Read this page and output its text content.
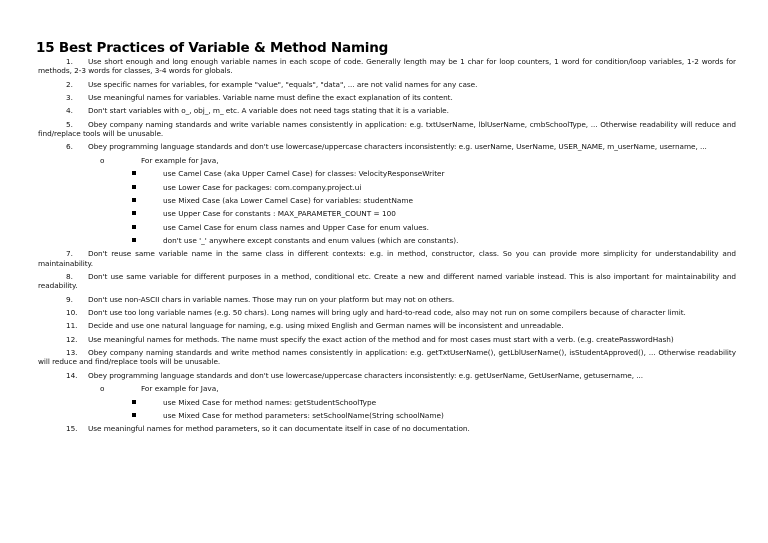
15 Best Practices of Variable & Method Naming
1. Use short enough and long enough variable names in each scope of code. Generally length may be 1 char for loop counters, 1 word for condition/loop variables, 1-2 words for methods, 2-3 words for classes, 3-4 words for globals.
2. Use specific names for variables, for example "value", "equals", "data", ... are not valid names for any case.
3. Use meaningful names for variables. Variable name must define the exact explanation of its content.
4. Don't start variables with o_, obj_, m_ etc. A variable does not need tags stating that it is a variable.
5. Obey company naming standards and write variable names consistently in application: e.g. txtUserName, lblUserName, cmbSchoolType, ... Otherwise readability will reduce and find/replace tools will be unusable.
6. Obey programming language standards and don't use lowercase/uppercase characters inconsistently: e.g. userName, UserName, USER_NAME, m_userName, username, ...
o	For example for Java,
use Camel Case (aka Upper Camel Case) for classes: VelocityResponseWriter
use Lower Case for packages: com.company.project.ui
use Mixed Case (aka Lower Camel Case) for variables: studentName
use Upper Case for constants : MAX_PARAMETER_COUNT = 100
use Camel Case for enum class names and Upper Case for enum values.
don't use '_' anywhere except constants and enum values (which are constants).
7. Don't reuse same variable name in the same class in different contexts: e.g. in method, constructor, class. So you can provide more simplicity for understandability and maintainability.
8. Don't use same variable for different purposes in a method, conditional etc. Create a new and different named variable instead. This is also important for maintainability and readability.
9. Don't use non-ASCII chars in variable names. Those may run on your platform but may not on others.
10. Don't use too long variable names (e.g. 50 chars). Long names will bring ugly and hard-to-read code, also may not run on some compilers because of character limit.
11. Decide and use one natural language for naming, e.g. using mixed English and German names will be inconsistent and unreadable.
12. Use meaningful names for methods. The name must specify the exact action of the method and for most cases must start with a verb. (e.g. createPasswordHash)
13. Obey company naming standards and write method names consistently in application: e.g. getTxtUserName(), getLblUserName(), isStudentApproved(), ... Otherwise readability will reduce and find/replace tools will be unusable.
14. Obey programming language standards and don't use lowercase/uppercase characters inconsistently: e.g. getUserName, GetUserName, getusername, ...
o	For example for Java,
use Mixed Case for method names: getStudentSchoolType
use Mixed Case for method parameters: setSchoolName(String schoolName)
15. Use meaningful names for method parameters, so it can documentate itself in case of no documentation.
